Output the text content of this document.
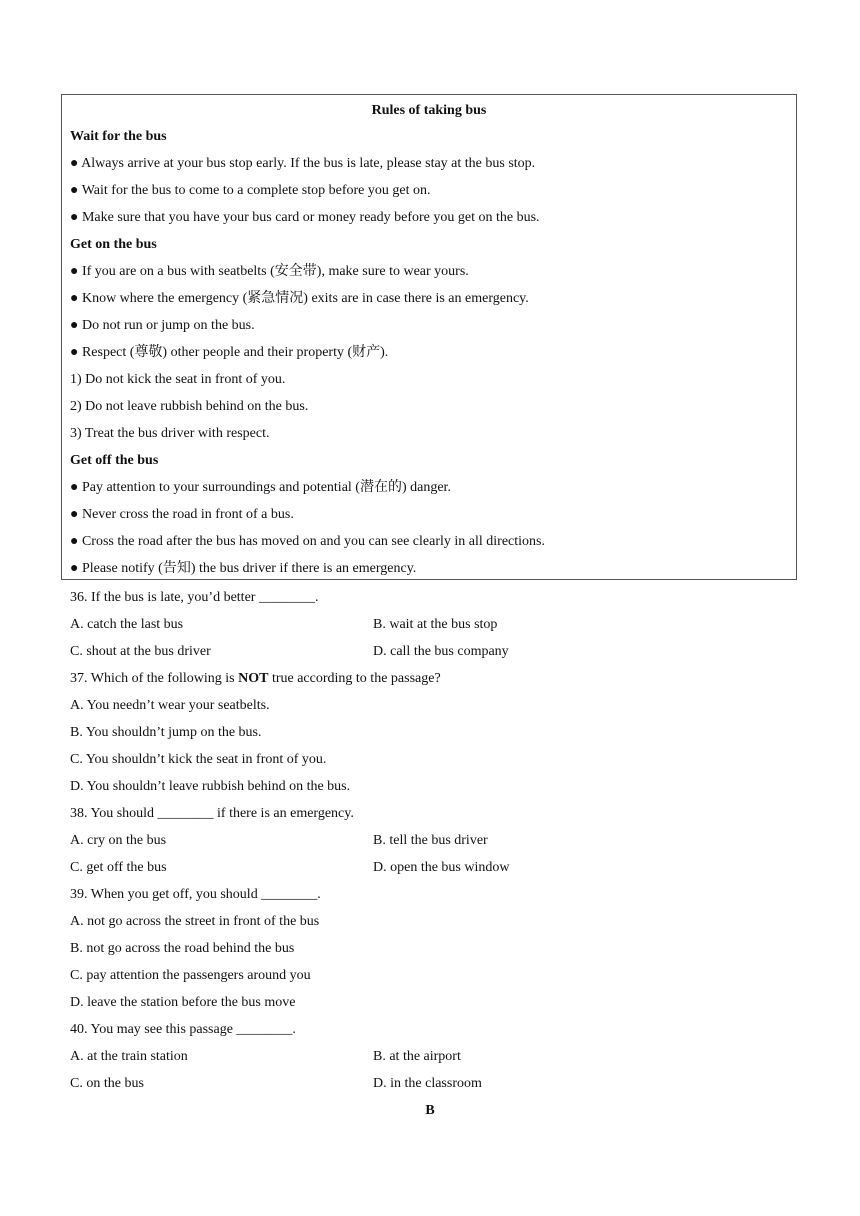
Rules of taking bus
Wait for the bus
● Always arrive at your bus stop early. If the bus is late, please stay at the bus stop.
● Wait for the bus to come to a complete stop before you get on.
● Make sure that you have your bus card or money ready before you get on the bus.
Get on the bus
● If you are on a bus with seatbelts (安全带), make sure to wear yours.
● Know where the emergency (紧急情况) exits are in case there is an emergency.
● Do not run or jump on the bus.
● Respect (尊敬) other people and their property (财产).
1) Do not kick the seat in front of you.
2) Do not leave rubbish behind on the bus.
3) Treat the bus driver with respect.
Get off the bus
● Pay attention to your surroundings and potential (潜在的) danger.
● Never cross the road in front of a bus.
● Cross the road after the bus has moved on and you can see clearly in all directions.
● Please notify (告知) the bus driver if there is an emergency.
36. If the bus is late, you’d better ________.
A. catch the last bus	B. wait at the bus stop
C. shout at the bus driver	D. call the bus company
37. Which of the following is NOT true according to the passage?
A. You needn’t wear your seatbelts.
B. You shouldn’t jump on the bus.
C. You shouldn’t kick the seat in front of you.
D. You shouldn’t leave rubbish behind on the bus.
38. You should ________ if there is an emergency.
A. cry on the bus	B. tell the bus driver
C. get off the bus	D. open the bus window
39. When you get off, you should ________.
A. not go across the street in front of the bus
B. not go across the road behind the bus
C. pay attention the passengers around you
D. leave the station before the bus move
40. You may see this passage ________.
A. at the train station	B. at the airport
C. on the bus	D. in the classroom
B
